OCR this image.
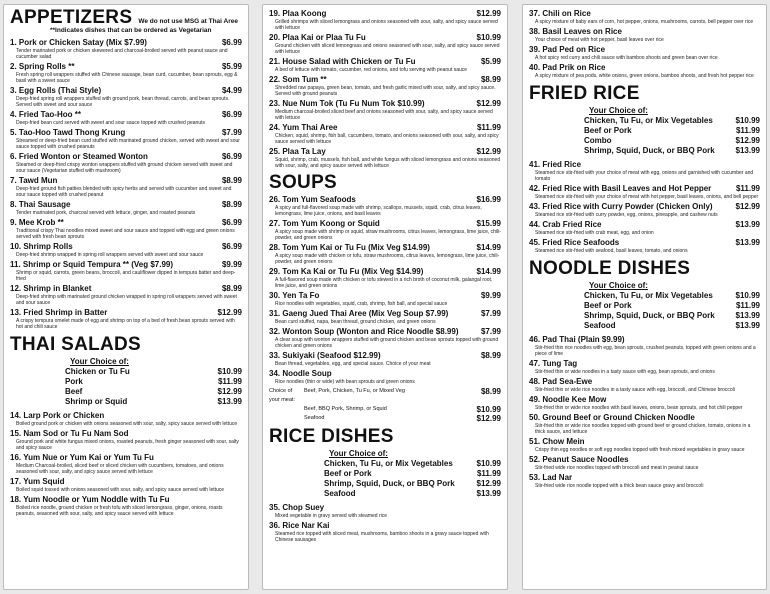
APPETIZERS We do not use MSG at Thai Aree
**Indicates dishes that can be ordered as Vegetarian
1. Pork or Chicken Satay (Mix $7.99)	$6.99
Tender marinated pork or chicken skewered and charcoal-broiled served with peanut sauce and cucumber salad
2. Spring Rolls **	$5.99
Fresh spring roll wrappers stuffed with Chinese sausage, bean curd, cucumber, bean sprouts, egg & basil with a sweet sauce
3. Egg Rolls (Thai Style)	$4.99
Deep-fried spring roll wrappers stuffed with ground pork, bean thread, carrots, and bean sprouts. Served with sweet and sour sauce
4. Fried Tao-Hoo **	$6.99
Deep-fried bean curd served with sweet and sour sauce topped with crushed peanuts
5. Tao-Hoo Tawd Thong Krung	$7.99
Streamed or deep-fried bean curd stuffed with marinated ground chicken, served with sweet and sour sauce topped with crushed peanuts
6. Fried Wonton or Steamed Wonton	$6.99
Steamed or deep-fried crispy wonton wrappers stuffed with ground chicken served with sweet and sour sauce (Vegetarian stuffed with mushroom)
7. Tawd Mun	$8.99
Deep-fried ground fish patties blended with spicy herbs and served with cucumber and sweet and sour sauce topped with crushed peanut
8. Thai Sausage	$8.99
Tender marinated pork, charcoal served with lettuce, ginger, and roasted peanuts
9. Mee Krob **	$6.99
Traditional crispy Thai noodles mixed sweet and sour sauce and topped with egg and green onions served with fresh bean sprouts
10. Shrimp Rolls	$6.99
Deep-fried shrimp wrapped in spring roll wrappers served with sweet and sour sauce
11. Shrimp or Squid Tempura ** (Veg $7.99)	$9.99
Shrimp or squid, carrots, green beans, broccoli, and cauliflower dipped in tempura batter and deep-fried
12. Shrimp in Blanket	$8.99
Deep-fried shrimp with marinated ground chicken wrapped in spring roll wrappers served with sweet and sour sauce
13. Fried Shrimp in Batter	$12.99
A crispy tempura omelet made of egg and shrimp on top of a bed of fresh bean sprouts served with hot and chili sauce
THAI SALADS
Your Choice of:
Chicken or Tu Fu	$10.99
Pork	$11.99
Beef	$12.99
Shrimp or Squid	$13.99
14. Larp Pork or Chicken
Boiled ground pork or chicken with onions seasoned with sour, salty, spicy sauce served with lettuce
15. Nam Sod or Tu Fu Nam Sod
Ground pork and white fungus mixed onions, roasted peanuts, fresh ginger seasoned with sour, salty and spicy sauce
16. Yum Nue or Yum Kai or Yum Tu Fu
Medium Charcoal-broiled, sliced beef or sliced chicken with cucumbers, tomatoes, and onions seasoned with sour, salty, and spicy sauce served with lettuce
17. Yum Squid
Boiled squid tossed with onions seasoned with sour, salty, and spicy sauce served with lettuce
18. Yum Noodle or Yum Noddle with Tu Fu
Boiled rice noodle, ground chicken or fresh tofu with sliced lemongrass, ginger, onions, roasts peanuts, seasoned with sour, salty, and spicy sauce served with lettuce
19. Plaa Koong	$12.99
Grilled shrimps with sliced lemongrass and onions seasoned with sour, salty, and spicy sauce served with lettuce
20. Plaa Kai or Plaa Tu Fu	$10.99
Ground chicken with sliced lemongrass and onions seasoned with sour, salty, and spicy sauce served with lettuce
21. House Salad with Chicken or Tu Fu	$5.99
A bed of lettuce with tomato, cucumber, red onions, and tofu serving with peanut sauce
22. Som Tum **	$8.99
Shredded raw papaya, green bean, tomato, and fresh garlic mixed with sour, salty, and spicy sauce. Served with ground peanuts
23. Nue Num Tok (Tu Fu Num Tok $10.99)	$12.99
Medium charcoal-broiled sliced beef and onions seasoned with sour, salty, and spicy sauce served with lettuce
24. Yum Thai Aree	$11.99
Chicken, squid, shrimp, fish ball, cucumbers, tomato, and onions seasoned with sour, salty, and spicy sauce served with lettuce
25. Plaa Ta Lay	$12.99
Squid, shrimp, crab, mussels, fish ball, and white fungus with sliced lemongrass and onions seasoned with sour, salty, and spicy sauce served with lettuce
SOUPS
26. Tom Yum Seafoods	$16.99
A spicy and full-flavored soup made with shrimp, scallops, mussels, squid, crab, citrus leaves, lemongrass, lime juice, onions, and basil leaves
27. Tom Yum Koong or Squid	$15.99
A spicy soup made with shrimp or squid, straw mushrooms, citrus leaves, lemongrass, lime juice, chili-powder, and green onions
28. Tom Yum Kai or Tu Fu (Mix Veg $14.99)	$14.99
A spicy soup made with chicken or tofu, straw mushrooms, citrus leaves, lemongrass, lime juice, chili-powder, and green onions
29. Tom Ka Kai or Tu Fu (Mix Veg $14.99)	$14.99
A full-flavored soup made with chicken or tofu stewed in a rich broth of coconut milk, galangal root, lime juice, and green onions
30. Yen Ta Fo	$9.99
Rice noodles with vegetables, squid, crab, shrimp, fish ball, and special sauce
31. Gaeng Jued Thai Aree (Mix Veg Soup $7.99)	$7.99
Bean curd stuffed, napa, bean thread, ground chicken, and green onions
32. Wonton Soup (Wonton and Rice Noodle $8.99)	$7.99
A clear soup with wonton wrappers stuffed with ground chicken and bean sprouts topped with ground chicken and green onions
33. Sukiyaki (Seafood $12.99)	$8.99
Bean thread, vegetables, egg, and special sauce. Choice of your meat
34. Noodle Soup
Rice noodles (thin or wide) with bean sprouts and green onions
Choice of your meat:
Beef, Pork, Chicken, Tu Fu, or Mixed Veg	$8.99
Beef, BBQ Pork, Shrimp, or Squid	$10.99
Seafood	$12.99
RICE DISHES
Your Choice of:
Chicken, Tu Fu, or Mix Vegetables	$10.99
Beef or Pork	$11.99
Shrimp, Squid, Duck, or BBQ Pork	$12.99
Seafood	$13.99
35. Chop Suey
Mixed vegetable in gravy served with steamed rice
36. Rice Nar Kai
Steamed rice topped with sliced meat, mushrooms, bamboo shoots in a gravy sauce topped with Chinese sausages
37. Chili on Rice
A spicy mixture of baby ears of corn, hot pepper, onions, mushrooms, carrots, bell pepper over rice
38. Basil Leaves on Rice
Your choice of meat with hot pepper, basil leaves over rice
39. Pad Ped on Rice
A hot spicy red curry and chili sauce with bamboo shoots and green bean over rice
40. Pad Prik on Rice
A spicy mixture of pea pods, white onions, green onions, bamboo shoots, and fresh hot pepper rice
FRIED RICE
Your Choice of:
Chicken, Tu Fu, or Mix Vegetables	$10.99
Beef or Pork	$11.99
Combo	$12.99
Shrimp, Squid, Duck, or BBQ Pork	$13.99
41. Fried Rice
Steamed rice stir-fried with your choice of meat with egg, onions and garnished with cucumber and tomato
42. Fried Rice with Basil Leaves and Hot Pepper	$11.99
Steamed rice stir-fried with your choice of meat with hot pepper, basil leaves, onions, and bell pepper
43. Fried Rice with Curry Powder (Chicken Only)	$12.99
Steamed rice stir-fried with curry powder, egg, onions, pineapple, and cashew nuts
44. Crab Fried Rice	$13.99
Steamed rice stir-fried with crab meat, egg, and onion
45. Fried Rice Seafoods	$13.99
Steamed rice stir-fried with seafood, basil leaves, tomato, and onions
NOODLE DISHES
Your Choice of:
Chicken, Tu Fu, or Mix Vegetables	$10.99
Beef or Pork	$11.99
Shrimp, Squid, Duck, or BBQ Pork	$13.99
Seafood	$13.99
46. Pad Thai (Plain $9.99)
Stir-fried thin rice noodles with egg, bean sprouts, crushed peanuts, topped with green onions and a piece of lime
47. Tung Tag
Stir-fried thin or wide noodles in a tasty sauce with egg, bean sprouts, and onions
48. Pad Sea-Ewe
Stir-fried thin or wide rice noodles in a tasty sauce with egg, broccoli, and Chinese broccoli
49. Noodle Kee Mow
Stir-fried thin or wide rice noodles with basil leaves, onions, bean sprouts, and hot chili pepper
50. Ground Beef or Ground Chicken Noodle
Stir-fried thin or wide rice noodles topped with ground beef or ground chicken, tomato, onions in a thick sauce, and lettuce
51. Chow Mein
Crispy thin egg noodles or soft egg noodles topped with fresh mixed vegetables in gravy sauce
52. Peanut Sauce Noodles
Stir-fried wide rice noodles topped with broccoli and meat in peanut sauce
53. Lad Nar
Stir-fried wide rice noodle topped with a thick bean sauce gravy and broccoli
